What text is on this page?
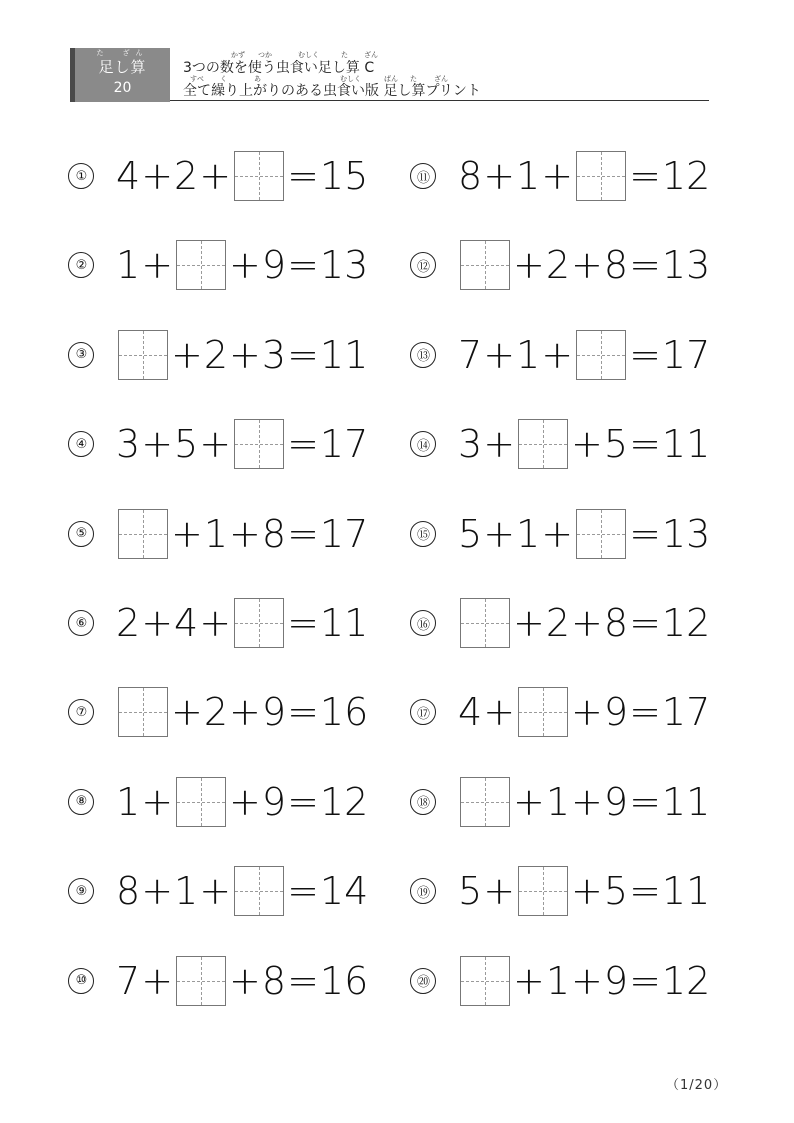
た　ざん
足し算
20
かず つか	むしく	た ざん
3つの数を使う虫食い足し算 C
すべ く	あ	むしく	ばん た ざん
全て繰り上がりのある虫食い版 足し算プリント
① 4 + 2 + = 15
② 1 + + 9 = 13
③ + 2 + 3 = 11
④ 3 + 5 + = 17
⑤ + 1 + 8 = 17
⑥ 2 + 4 + = 11
⑦ + 2 + 9 = 16
⑧ 1 + + 9 = 12
⑨ 8 + 1 + = 14
⑩ 7 + + 8 = 16
⑪ 8 + 1 + = 12
⑫ + 2 + 8 = 13
⑬ 7 + 1 + = 17
⑭ 3 + + 5 = 11
⑮ 5 + 1 + = 13
⑯ + 2 + 8 = 12
⑰ 4 + + 9 = 17
⑱ + 1 + 9 = 11
⑲ 5 + + 5 = 11
⑳ + 1 + 9 = 12
（1/20）
